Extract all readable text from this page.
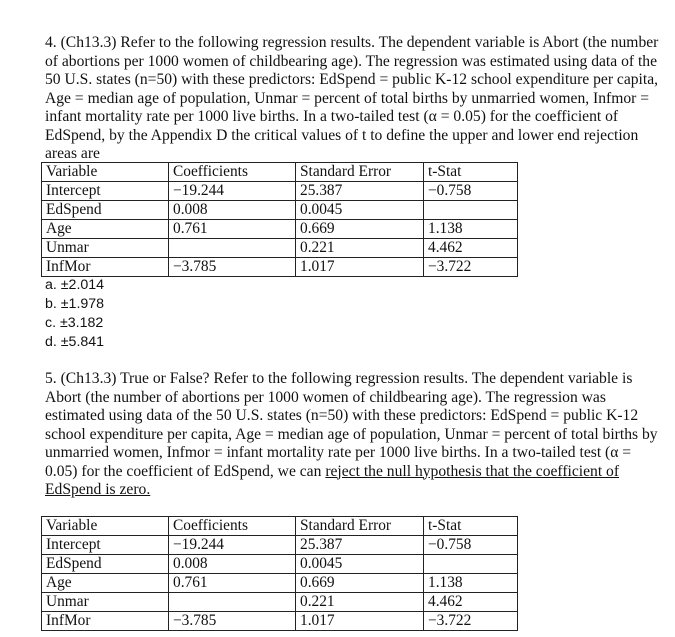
4. (Ch13.3) Refer to the following regression results. The dependent variable is Abort (the number of abortions per 1000 women of childbearing age). The regression was estimated using data of the 50 U.S. states (n=50) with these predictors: EdSpend = public K-12 school expenditure per capita, Age = median age of population, Unmar = percent of total births by unmarried women, Infmor = infant mortality rate per 1000 live births. In a two-tailed test (α = 0.05) for the coefficient of EdSpend, by the Appendix D the critical values of t to define the upper and lower end rejection areas are

Variable	Coefficients	Standard Error	t-Stat
Intercept	−19.244	25.387	−0.758
EdSpend	0.008	0.0045	
Age	0.761	0.669	1.138
Unmar		0.221	4.462
InfMor	−3.785	1.017	−3.722
a. ±2.014
b. ±1.978
c. ±3.182
d. ±5.841

5. (Ch13.3) True or False? Refer to the following regression results. The dependent variable is Abort (the number of abortions per 1000 women of childbearing age). The regression was estimated using data of the 50 U.S. states (n=50) with these predictors: EdSpend = public K-12 school expenditure per capita, Age = median age of population, Unmar = percent of total births by unmarried women, Infmor = infant mortality rate per 1000 live births. In a two-tailed test (α = 0.05) for the coefficient of EdSpend, we can reject the null hypothesis that the coefficient of EdSpend is zero.

Variable	Coefficients	Standard Error	t-Stat
Intercept	−19.244	25.387	−0.758
EdSpend	0.008	0.0045	
Age	0.761	0.669	1.138
Unmar		0.221	4.462
InfMor	−3.785	1.017	−3.722
